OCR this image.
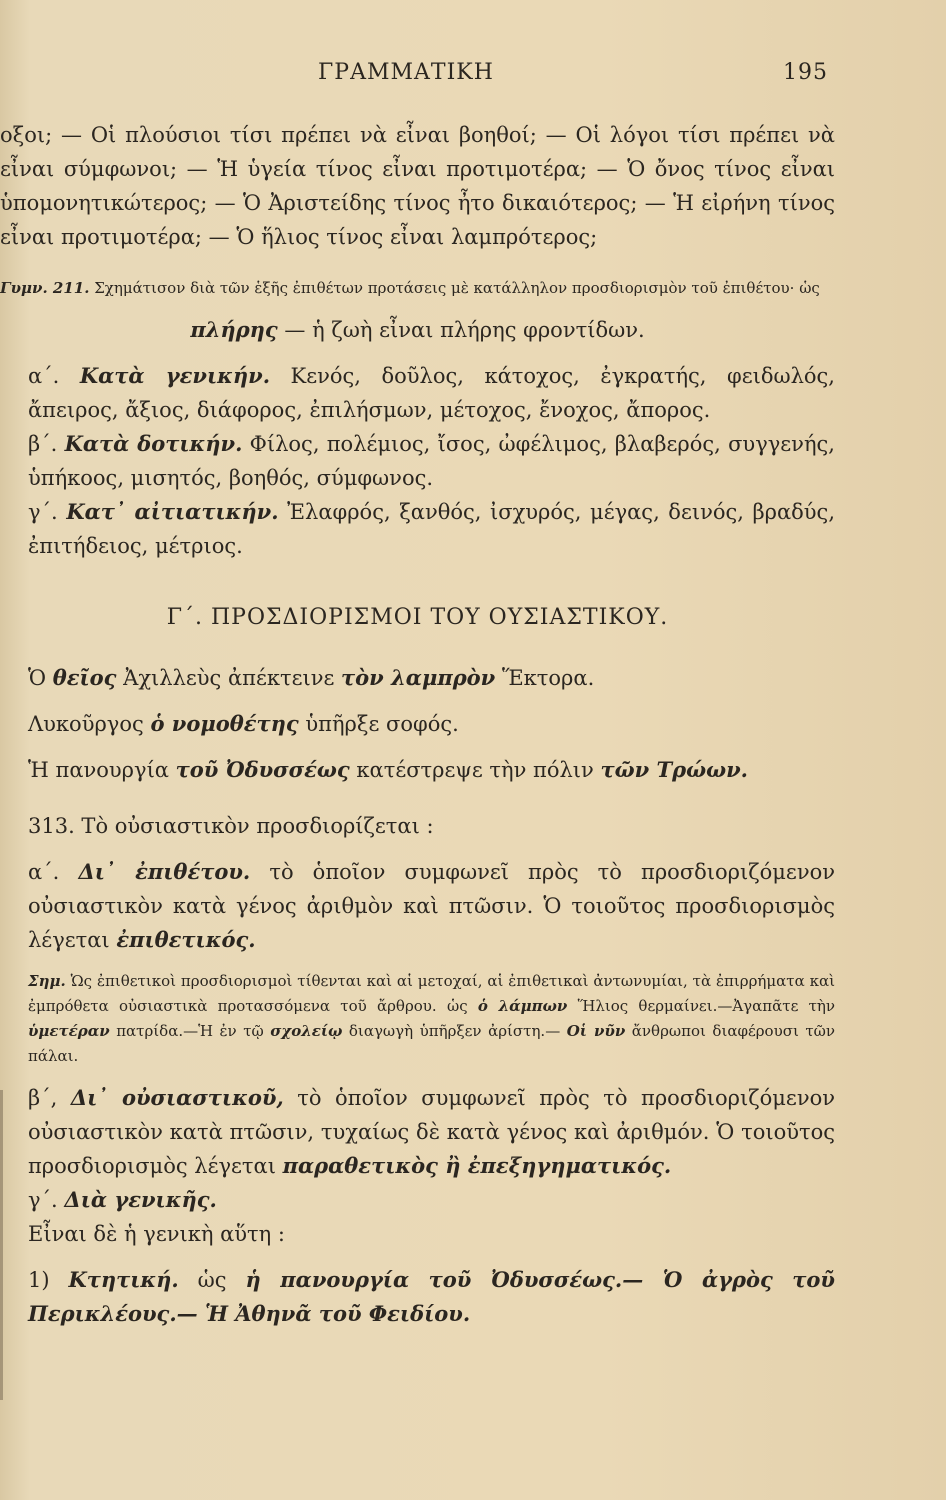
ΓΡΑΜΜΑΤΙΚΗ	195

οξοι; — Οἱ πλούσιοι τίσι πρέπει νὰ εἶναι βοηθοί; — Οἱ λόγοι τίσι πρέπει νὰ εἶναι σύμφωνοι; — Ἡ ὑγεία τίνος εἶναι προτιμοτέρα; — Ὁ ὄνος τίνος εἶναι ὑπομονητικώτερος; — Ὁ Ἀριστείδης τίνος ἦτο δικαιότερος; — Ἡ εἰρήνη τίνος εἶναι προτιμοτέρα; — Ὁ ἥλιος τίνος εἶναι λαμπρότερος;

Γυμν. 211. Σχημάτισον διὰ τῶν ἑξῆς ἐπιθέτων προτάσεις μὲ κατάλληλον προσδιορισμὸν τοῦ ἐπιθέτου· ὡς

πλήρης — ἡ ζωὴ εἶναι πλήρης φροντίδων.

α΄. Κατὰ γενικήν. Κενός, δοῦλος, κάτοχος, ἐγκρατής, φειδωλός, ἄπειρος, ἄξιος, διάφορος, ἐπιλήσμων, μέτοχος, ἔνοχος, ἄπορος.

β΄. Κατὰ δοτικήν. Φίλος, πολέμιος, ἴσος, ὠφέλιμος, βλαβερός, συγγενής, ὑπήκοος, μισητός, βοηθός, σύμφωνος.

γ΄. Κατ᾿ αἰτιατικήν. Ἐλαφρός, ξανθός, ἰσχυρός, μέγας, δεινός, βραδύς, ἐπιτήδειος, μέτριος.

Γ΄. ΠΡΟΣΔΙΟΡΙΣΜΟΙ ΤΟΥ ΟΥΣΙΑΣΤΙΚΟΥ.

Ὁ θεῖος Ἀχιλλεὺς ἀπέκτεινε τὸν λαμπρὸν Ἕκτορα.

Λυκοῦργος ὁ νομοθέτης ὑπῆρξε σοφός.

Ἡ πανουργία τοῦ Ὀδυσσέως κατέστρεψε τὴν πόλιν τῶν Τρώων.

313. Τὸ οὐσιαστικὸν προσδιορίζεται :

α΄. Δι᾿ ἐπιθέτου. τὸ ὁποῖον συμφωνεῖ πρὸς τὸ προσδιοριζόμενον οὐσιαστικὸν κατὰ γένος ἀριθμὸν καὶ πτῶσιν. Ὁ τοιοῦτος προσδιορισμὸς λέγεται ἐπιθετικός.

Σημ. Ὡς ἐπιθετικοὶ προσδιορισμοὶ τίθενται καὶ αἱ μετοχαί, αἱ ἐπιθετικαὶ ἀντωνυμίαι, τὰ ἐπιρρήματα καὶ ἐμπρόθετα οὐσιαστικὰ προτασσόμενα τοῦ ἄρθρου. ὡς ὁ λάμπων Ἥλιος θερμαίνει.—Ἀγαπᾶτε τὴν ὑμετέραν πατρίδα.—Ἡ ἐν τῷ σχολείῳ διαγωγὴ ὑπῆρξεν ἀρίστη.— Οἱ νῦν ἄνθρωποι διαφέρουσι τῶν πάλαι.

β΄, Δι᾿ οὐσιαστικοῦ, τὸ ὁποῖον συμφωνεῖ πρὸς τὸ προσδιοριζόμενον οὐσιαστικὸν κατὰ πτῶσιν, τυχαίως δὲ κατὰ γένος καὶ ἀριθμόν. Ὁ τοιοῦτος προσδιορισμὸς λέγεται παραθετικὸς ἢ ἐπεξηγηματικός.

γ΄. Διὰ γενικῆς.

Εἶναι δὲ ἡ γενικὴ αὕτη :

1) Κτητική. ὡς ἡ πανουργία τοῦ Ὀδυσσέως.— Ὁ ἀγρὸς τοῦ Περικλέους.— Ἡ Ἀθηνᾶ τοῦ Φειδίου.
